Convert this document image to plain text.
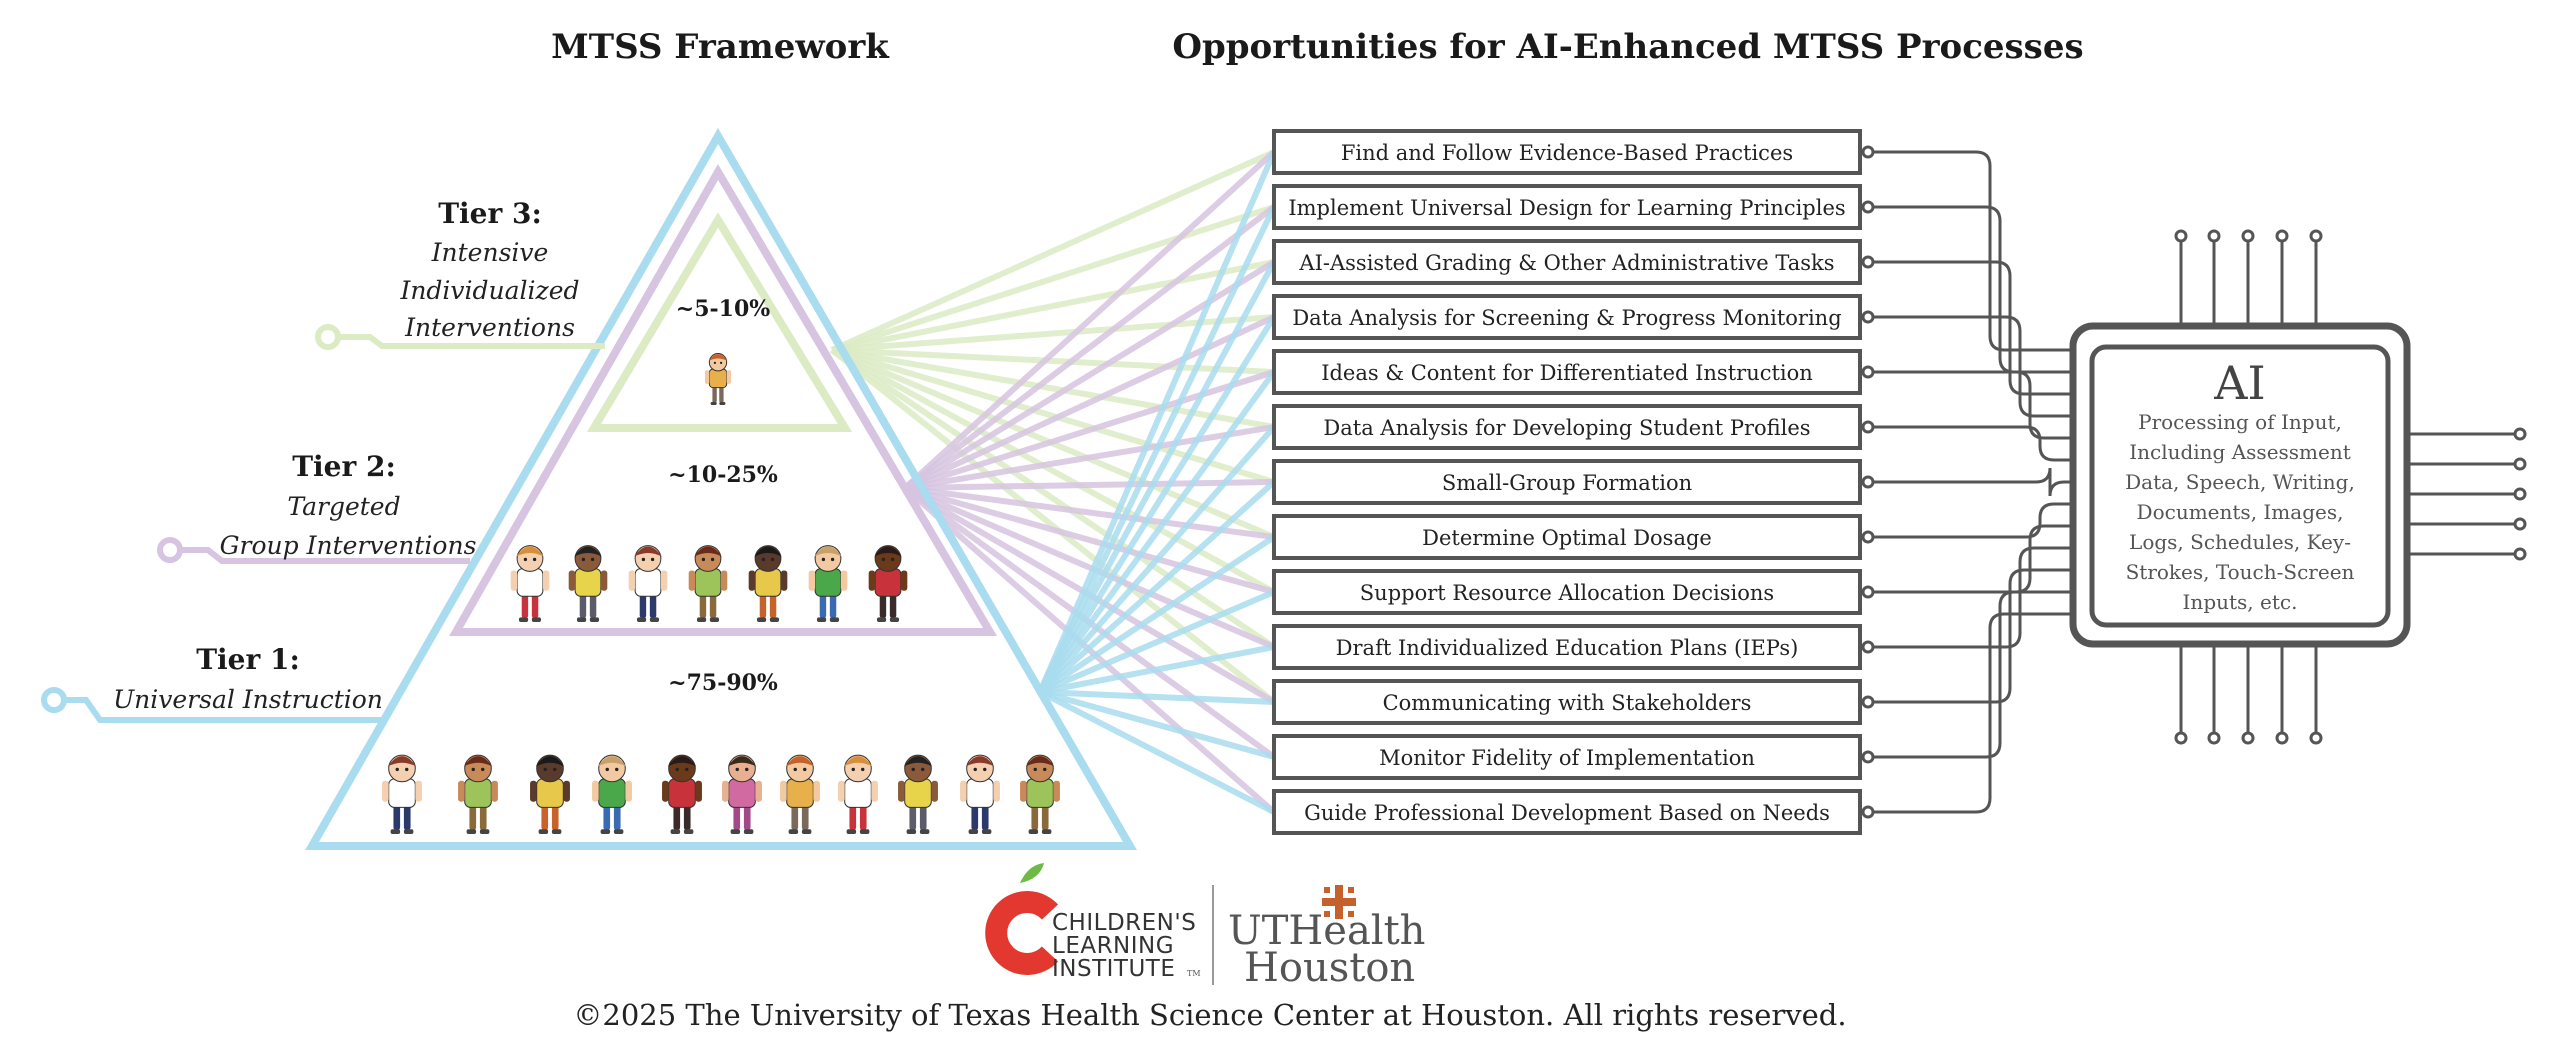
MTSS Framework	Opportunities for AI-Enhanced MTSS Processes
Tier 3:
Intensive
Individualized
Interventions
Tier 2:
Targeted
Group Interventions
Tier 1:
Universal Instruction
~5-10%
~10-25%
~75-90%
Find and Follow Evidence-Based Practices
Implement Universal Design for Learning Principles
AI-Assisted Grading & Other Administrative Tasks
Data Analysis for Screening & Progress Monitoring
Ideas & Content for Differentiated Instruction
Data Analysis for Developing Student Profiles
Small-Group Formation
Determine Optimal Dosage
Support Resource Allocation Decisions
Draft Individualized Education Plans (IEPs)
Communicating with Stakeholders
Monitor Fidelity of Implementation
Guide Professional Development Based on Needs
AI
Processing of Input,
Including Assessment
Data, Speech, Writing,
Documents, Images,
Logs, Schedules, Key-
Strokes, Touch-Screen
Inputs, etc.
CHILDREN'S
LEARNING
INSTITUTE TM
UTHealth
Houston
©2025 The University of Texas Health Science Center at Houston. All rights reserved.
